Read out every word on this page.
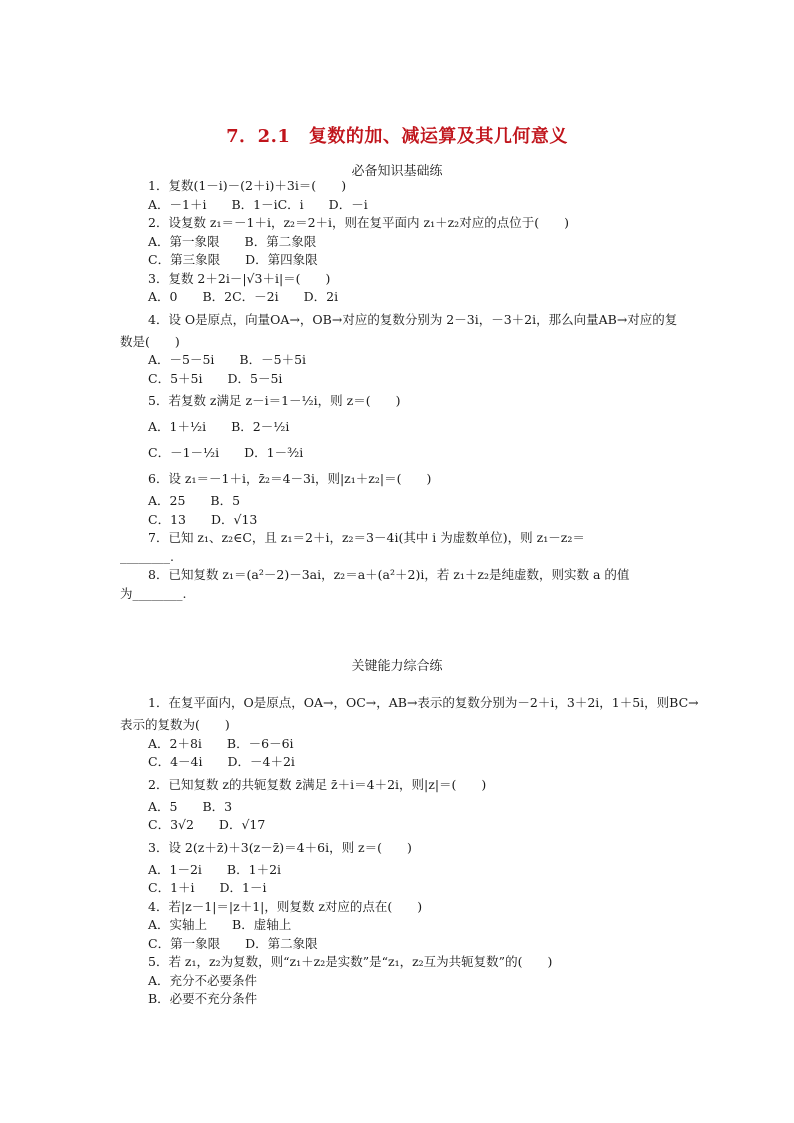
7．2.1　复数的加、减运算及其几何意义
必备知识基础练
1．复数(1－i)－(2＋i)＋3i＝(　　)
A．－1＋i　　B．1－iC．i　　D．－i
2．设复数 z₁＝－1＋i，z₂＝2＋i，则在复平面内 z₁＋z₂对应的点位于(　　)
A．第一象限　　B．第二象限
C．第三象限　　D．第四象限
3．复数 2＋2i－|√3＋i|＝(　　)
A．0　　B．2C．－2i　　D．2i
4．设 O是原点，向量OA→，OB→对应的复数分别为 2－3i，－3＋2i，那么向量AB→对应的复
数是(　　)
A．－5－5i　　B．－5＋5i
C．5＋5i　　D．5－5i
5．若复数 z满足 z－i＝1－½i，则 z＝(　　)
A．1＋½i　　B．2－½i
C．－1－½i　　D．1－³⁄₂i
6．设 z₁＝－1＋i，z̄₂＝4－3i，则|z₁＋z₂|＝(　　)
A．25　　B．5
C．13　　D．√13
7．已知 z₁、z₂∈C，且 z₁＝2＋i，z₂＝3－4i(其中 i 为虚数单位)，则 z₁－z₂＝
________.
8．已知复数 z₁＝(a²－2)－3ai，z₂＝a＋(a²＋2)i，若 z₁＋z₂是纯虚数，则实数 a 的值
为________.
关键能力综合练
1．在复平面内，O是原点，OA→，OC→，AB→表示的复数分别为－2＋i，3＋2i，1＋5i，则BC→
表示的复数为(　　)
A．2＋8i　　B．－6－6i
C．4－4i　　D．－4＋2i
2．已知复数 z的共轭复数 z̄满足 z̄＋i＝4＋2i，则|z|＝(　　)
A．5　　B．3
C．3√2　　D．√17
3．设 2(z＋z̄)＋3(z－z̄)＝4＋6i，则 z＝(　　)
A．1－2i　　B．1＋2i
C．1＋i　　D．1－i
4．若|z－1|＝|z＋1|，则复数 z对应的点在(　　)
A．实轴上　　B．虚轴上
C．第一象限　　D．第二象限
5．若 z₁，z₂为复数，则“z₁＋z₂是实数”是“z₁，z₂互为共轭复数”的(　　)
A．充分不必要条件
B．必要不充分条件
